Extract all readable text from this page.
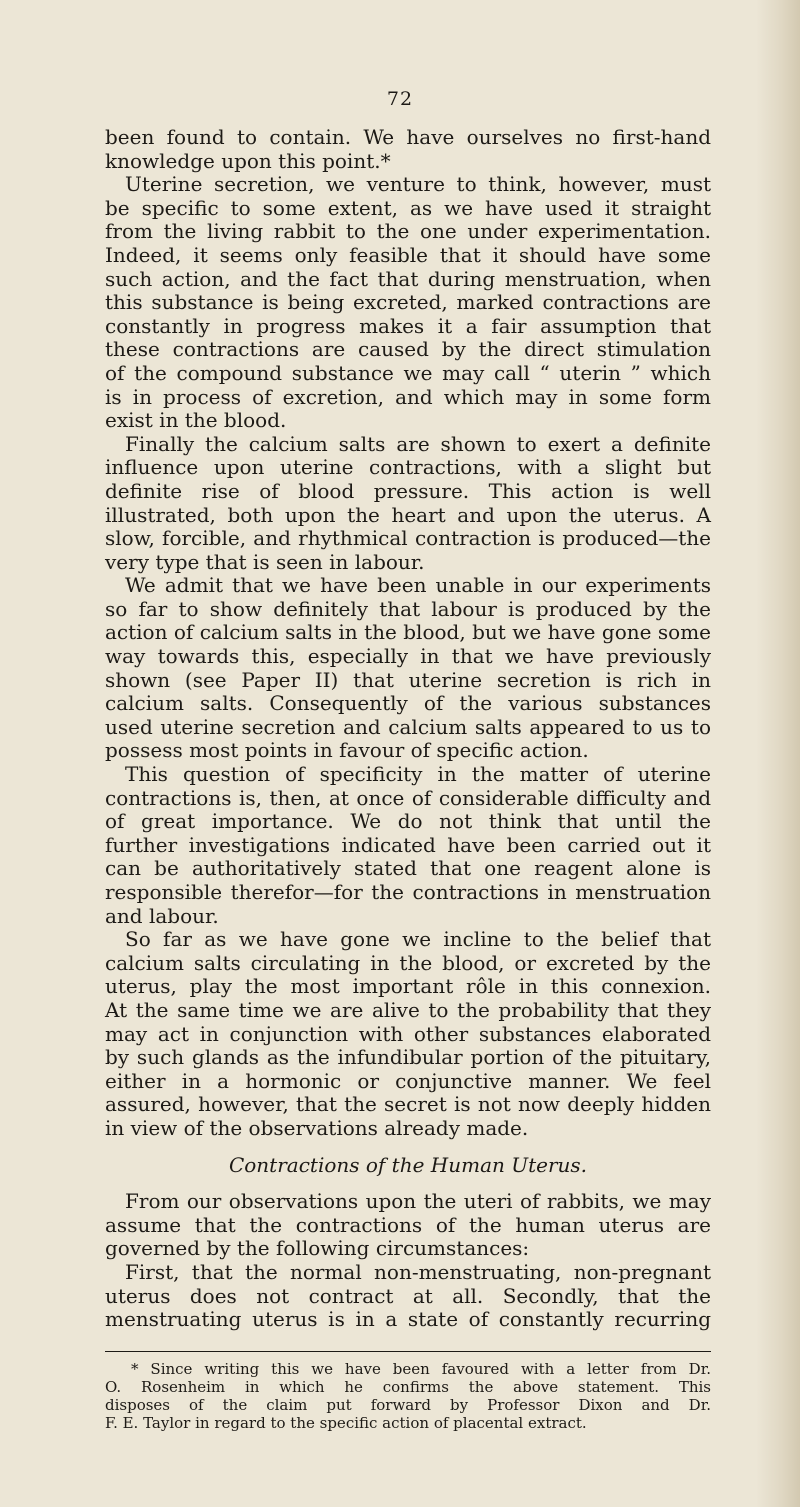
72
been found to contain. We have ourselves no first-hand
knowledge upon this point.*
Uterine secretion, we venture to think, however, must
be specific to some extent, as we have used it straight
from the living rabbit to the one under experimentation.
Indeed, it seems only feasible that it should have some
such action, and the fact that during menstruation, when
this substance is being excreted, marked contractions are
constantly in progress makes it a fair assumption that
these contractions are caused by the direct stimulation
of the compound substance we may call “ uterin ” which
is in process of excretion, and which may in some form
exist in the blood.
Finally the calcium salts are shown to exert a definite
influence upon uterine contractions, with a slight but
definite rise of blood pressure. This action is well
illustrated, both upon the heart and upon the uterus. A
slow, forcible, and rhythmical contraction is produced—the
very type that is seen in labour.
We admit that we have been unable in our experiments
so far to show definitely that labour is produced by the
action of calcium salts in the blood, but we have gone some
way towards this, especially in that we have previously
shown (see Paper II) that uterine secretion is rich in
calcium salts. Consequently of the various substances
used uterine secretion and calcium salts appeared to us to
possess most points in favour of specific action.
This question of specificity in the matter of uterine
contractions is, then, at once of considerable difficulty and
of great importance. We do not think that until the
further investigations indicated have been carried out it
can be authoritatively stated that one reagent alone is
responsible therefor—for the contractions in menstruation
and labour.
So far as we have gone we incline to the belief that
calcium salts circulating in the blood, or excreted by the
uterus, play the most important rôle in this connexion.
At the same time we are alive to the probability that they
may act in conjunction with other substances elaborated
by such glands as the infundibular portion of the pituitary,
either in a hormonic or conjunctive manner. We feel
assured, however, that the secret is not now deeply hidden
in view of the observations already made.
Contractions of the Human Uterus.
From our observations upon the uteri of rabbits, we may
assume that the contractions of the human uterus are
governed by the following circumstances:
First, that the normal non-menstruating, non-pregnant
uterus does not contract at all. Secondly, that the
menstruating uterus is in a state of constantly recurring
* Since writing this we have been favoured with a letter from Dr.
O. Rosenheim in which he confirms the above statement. This
disposes of the claim put forward by Professor Dixon and Dr.
F. E. Taylor in regard to the specific action of placental extract.
